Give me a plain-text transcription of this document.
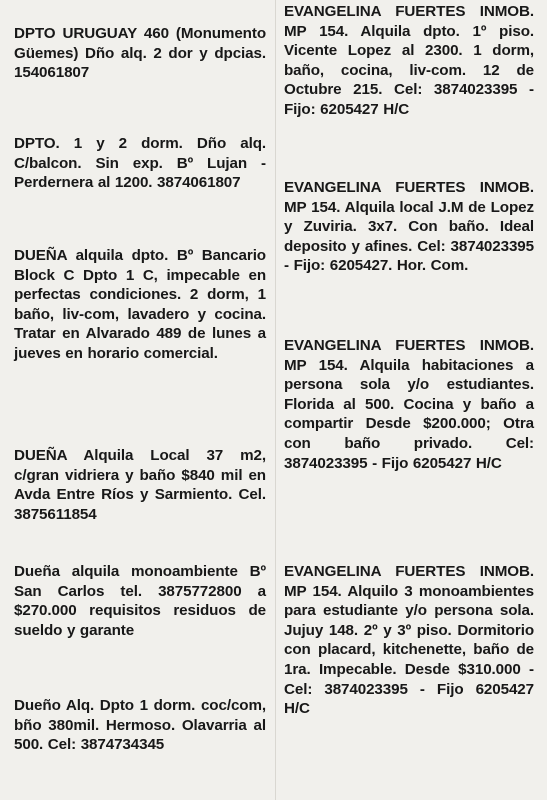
DPTO URUGUAY 460 (Monumento Güemes) Dño alq. 2 dor y dpcias. 154061807
DPTO. 1 y 2 dorm. Dño alq. C/balcon. Sin exp. Bº Lujan - Perdernera al 1200. 3874061807
DUEÑA alquila dpto. Bº Bancario Block C Dpto 1 C, impecable en perfectas condiciones. 2 dorm, 1 baño, liv-com, lavadero y cocina. Tratar en Alvarado 489 de lunes a jueves en horario comercial.
DUEÑA Alquila Local 37 m2, c/gran vidriera y baño $840 mil en Avda Entre Ríos y Sarmiento. Cel. 3875611854
Dueña alquila monoambiente Bº San Carlos tel. 3875772800 a $270.000 requisitos residuos de sueldo y garante
Dueño Alq. Dpto 1 dorm. coc/com, bño 380mil. Hermoso. Olavarria al 500. Cel: 3874734345
EVANGELINA FUERTES INMOB. MP 154. Alquila dpto. 1º piso. Vicente Lopez al 2300. 1 dorm, baño, cocina, liv-com. 12 de Octubre 215. Cel: 3874023395 - Fijo: 6205427 H/C
EVANGELINA FUERTES INMOB. MP 154. Alquila local J.M de Lopez y Zuviria. 3x7. Con baño. Ideal deposito y afines. Cel: 3874023395 - Fijo: 6205427. Hor. Com.
EVANGELINA FUERTES INMOB. MP 154. Alquila habitaciones a persona sola y/o estudiantes. Florida al 500. Cocina y baño a compartir Desde $200.000; Otra con baño privado. Cel: 3874023395 - Fijo 6205427 H/C
EVANGELINA FUERTES INMOB. MP 154. Alquilo 3 monoambientes para estudiante y/o persona sola. Jujuy 148. 2º y 3º piso. Dormitorio con placard, kitchenette, baño de 1ra. Impecable. Desde $310.000 - Cel: 3874023395 - Fijo 6205427 H/C
